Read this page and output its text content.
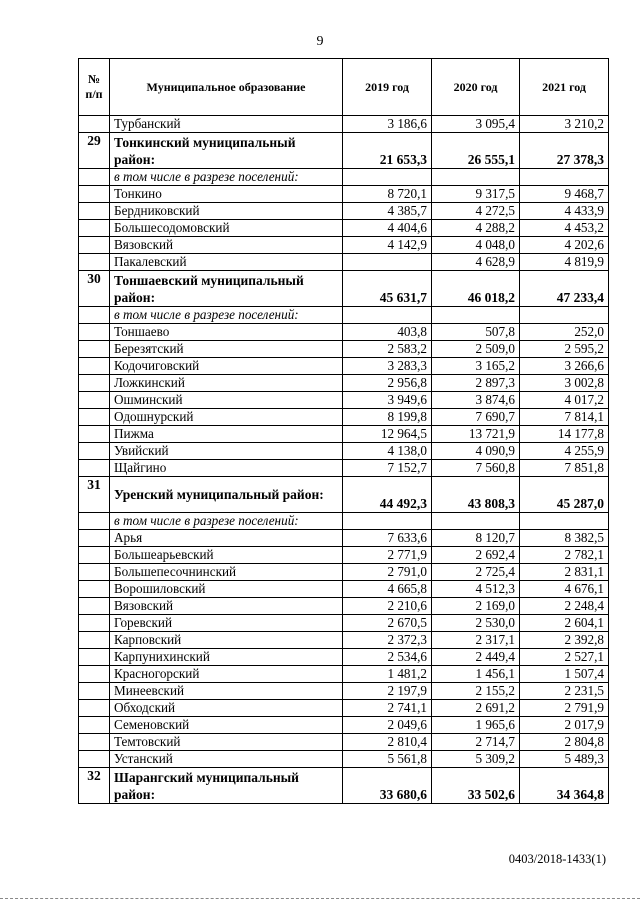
9
№ п/п	Муниципальное образование	2019 год	2020 год	2021 год
	Турбанский	3 186,6	3 095,4	3 210,2
29	Тонкинский муниципальный район:	21 653,3	26 555,1	27 378,3
	в том числе в разрезе поселений:			
	Тонкино	8 720,1	9 317,5	9 468,7
	Бердниковский	4 385,7	4 272,5	4 433,9
	Большесодомовский	4 404,6	4 288,2	4 453,2
	Вязовский	4 142,9	4 048,0	4 202,6
	Пакалевский		4 628,9	4 819,9
30	Тоншаевский муниципальный район:	45 631,7	46 018,2	47 233,4
	в том числе в разрезе поселений:			
	Тоншаево	403,8	507,8	252,0
	Березятский	2 583,2	2 509,0	2 595,2
	Кодочиговский	3 283,3	3 165,2	3 266,6
	Ложкинский	2 956,8	2 897,3	3 002,8
	Ошминский	3 949,6	3 874,6	4 017,2
	Одошнурский	8 199,8	7 690,7	7 814,1
	Пижма	12 964,5	13 721,9	14 177,8
	Увийский	4 138,0	4 090,9	4 255,9
	Щайгино	7 152,7	7 560,8	7 851,8
31	Уренский муниципальный район:	44 492,3	43 808,3	45 287,0
	в том числе в разрезе поселений:			
	Арья	7 633,6	8 120,7	8 382,5
	Большеарьевский	2 771,9	2 692,4	2 782,1
	Большепесочнинский	2 791,0	2 725,4	2 831,1
	Ворошиловский	4 665,8	4 512,3	4 676,1
	Вязовский	2 210,6	2 169,0	2 248,4
	Горевский	2 670,5	2 530,0	2 604,1
	Карповский	2 372,3	2 317,1	2 392,8
	Карпунихинский	2 534,6	2 449,4	2 527,1
	Красногорский	1 481,2	1 456,1	1 507,4
	Минеевский	2 197,9	2 155,2	2 231,5
	Обходский	2 741,1	2 691,2	2 791,9
	Семеновский	2 049,6	1 965,6	2 017,9
	Темтовский	2 810,4	2 714,7	2 804,8
	Устанский	5 561,8	5 309,2	5 489,3
32	Шарангский муниципальный район:	33 680,6	33 502,6	34 364,8
0403/2018-1433(1)
